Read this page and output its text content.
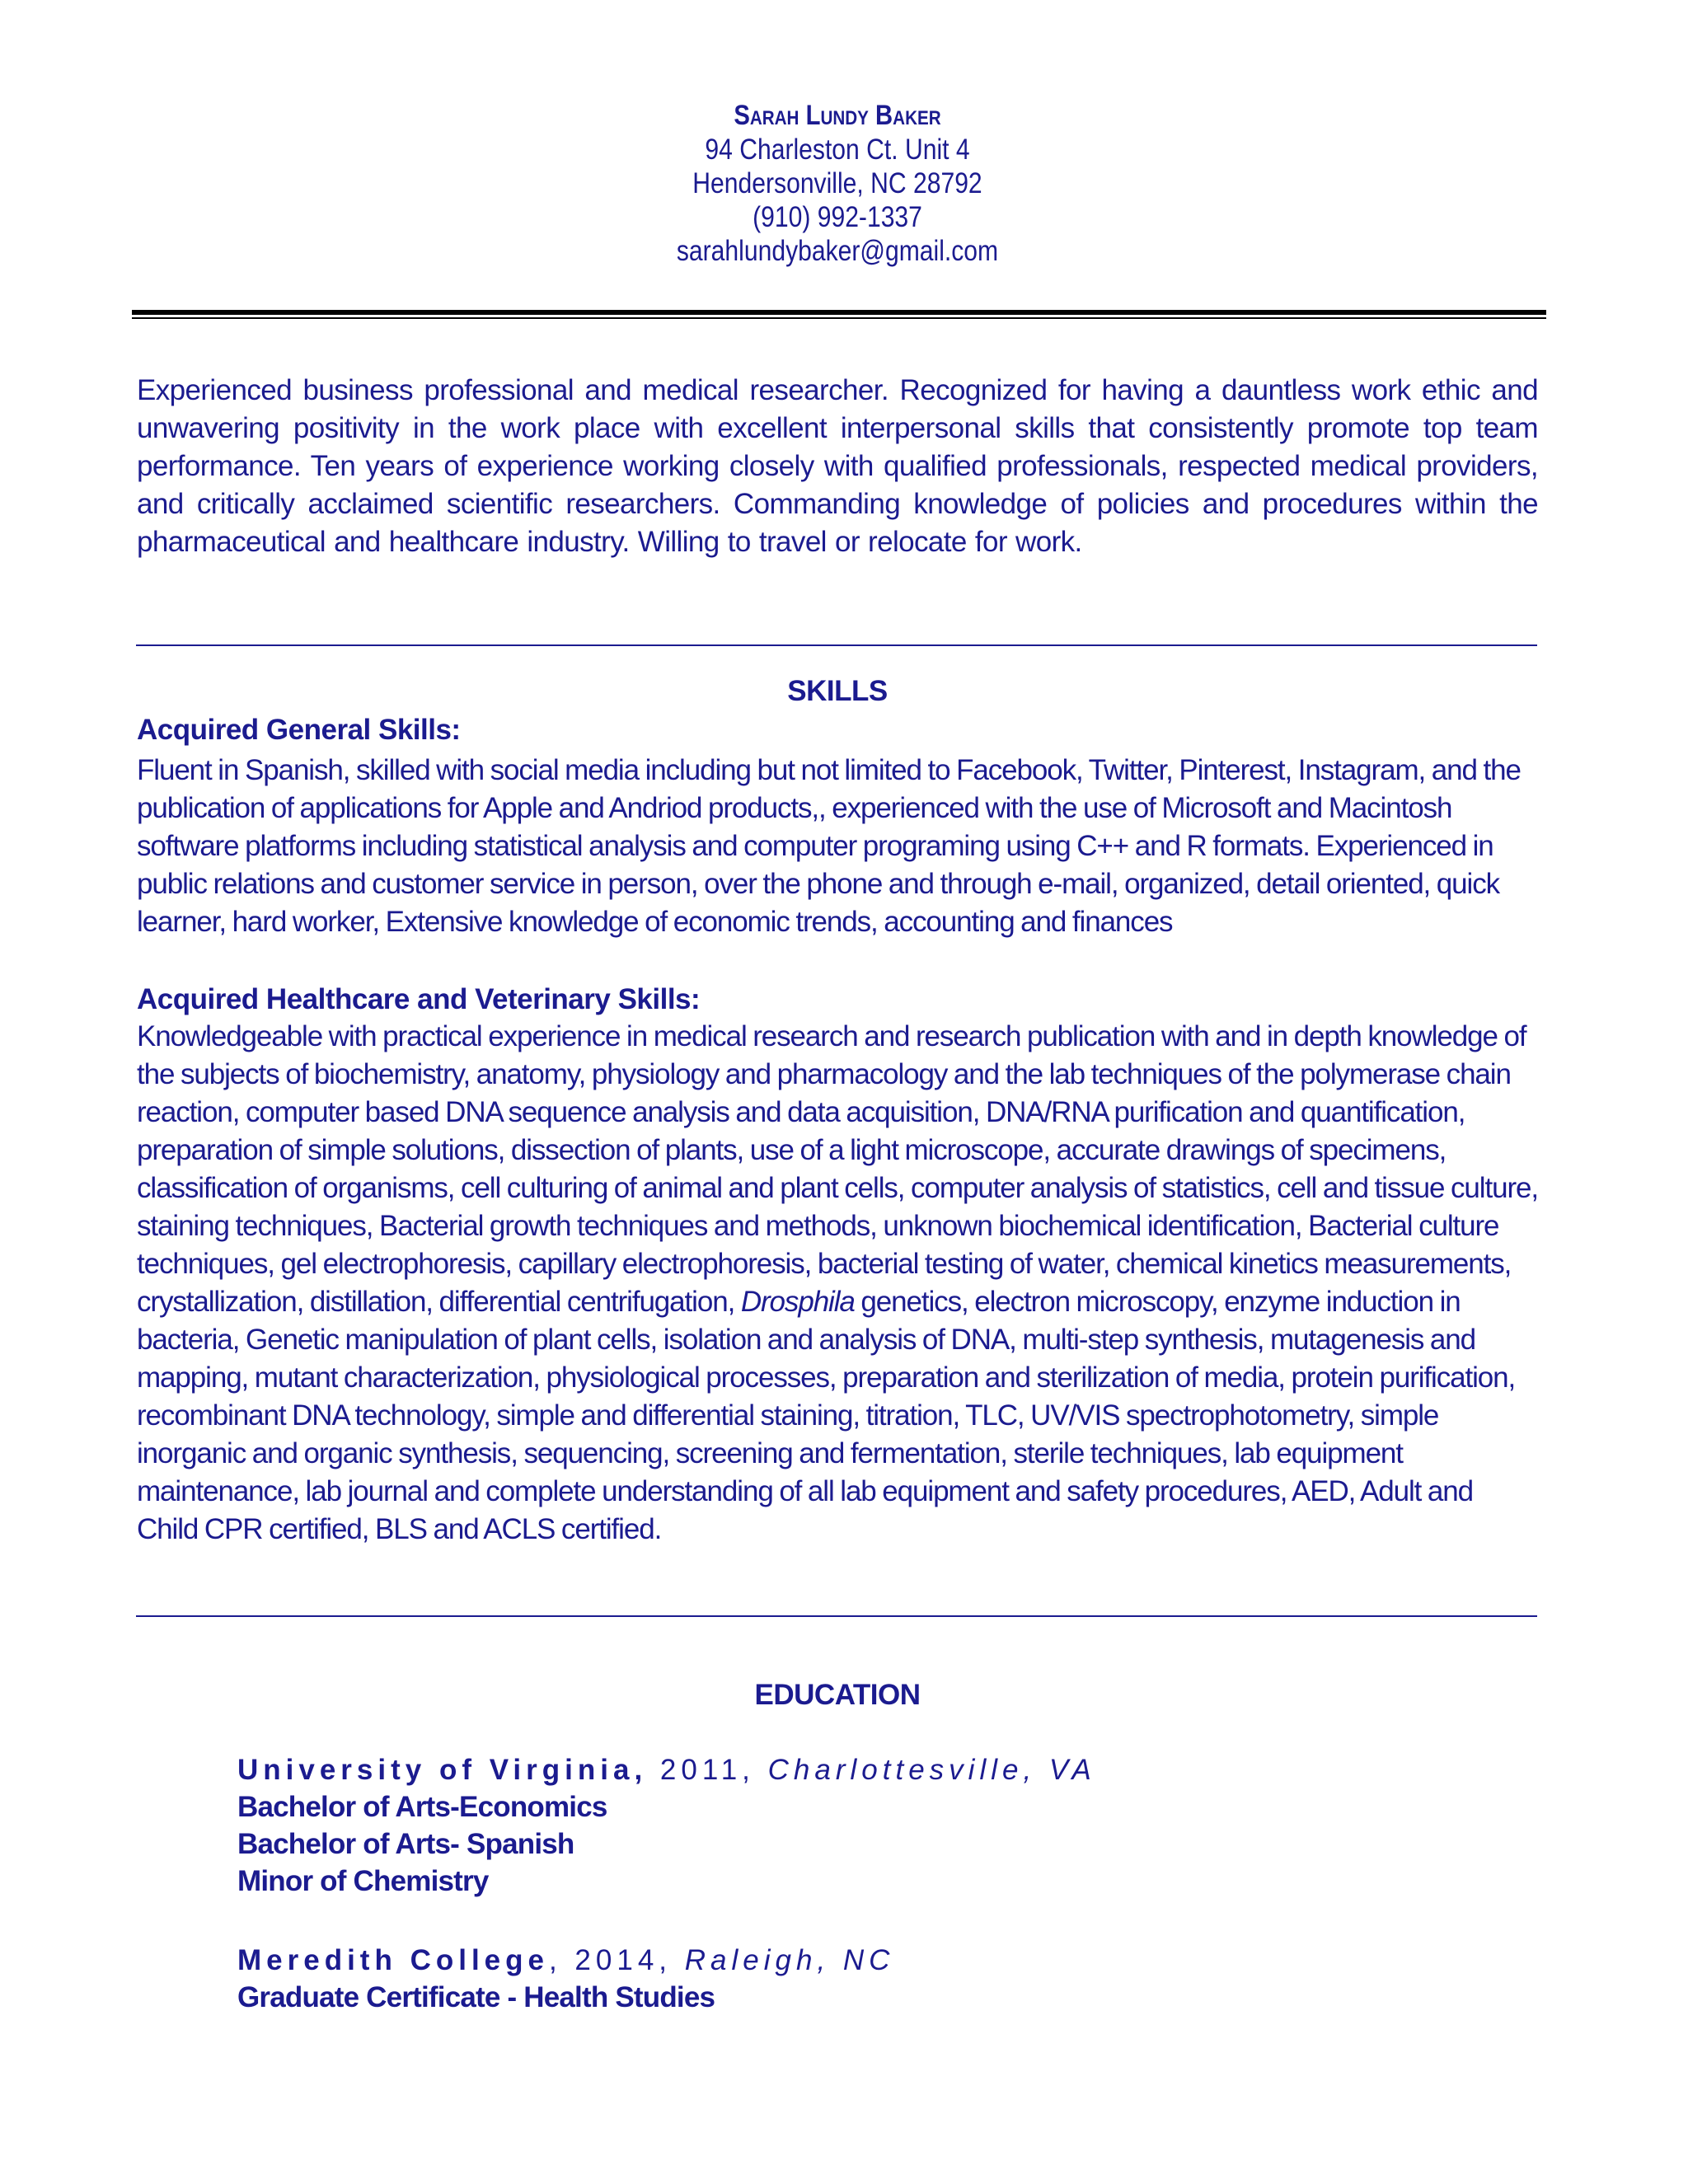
Sarah Lundy Baker
94 Charleston Ct. Unit 4
Hendersonville, NC 28792
(910) 992-1337
sarahlundybaker@gmail.com
Experienced business professional and medical researcher. Recognized for having a dauntless work ethic and unwavering positivity in the work place with excellent interpersonal skills that consistently promote top team performance. Ten years of experience working closely with qualified professionals, respected medical providers, and critically acclaimed scientific researchers. Commanding knowledge of policies and procedures within the pharmaceutical and healthcare industry. Willing to travel or relocate for work.
SKILLS
Acquired General Skills:
Fluent in Spanish, skilled with social media including but not limited to Facebook, Twitter, Pinterest, Instagram, and the publication of applications for Apple and Andriod products,, experienced with the use of Microsoft and Macintosh software platforms including statistical analysis and computer programing using C++ and R formats. Experienced in public relations and customer service in person, over the phone and through e-mail, organized, detail oriented, quick learner, hard worker, Extensive knowledge of economic trends, accounting and finances
Acquired Healthcare and Veterinary Skills:
Knowledgeable with practical experience in medical research and research publication with and in depth knowledge of the subjects of biochemistry, anatomy, physiology and pharmacology and the lab techniques of the polymerase chain reaction, computer based DNA sequence analysis and data acquisition, DNA/RNA purification and quantification, preparation of simple solutions, dissection of plants, use of a light microscope, accurate drawings of specimens, classification of organisms, cell culturing of animal and plant cells, computer analysis of statistics, cell and tissue culture, staining techniques, Bacterial growth techniques and methods, unknown biochemical identification, Bacterial culture techniques, gel electrophoresis, capillary electrophoresis, bacterial testing of water, chemical kinetics measurements, crystallization, distillation, differential centrifugation, Drosphila genetics, electron microscopy, enzyme induction in bacteria, Genetic manipulation of plant cells, isolation and analysis of DNA, multi-step synthesis, mutagenesis and mapping, mutant characterization, physiological processes, preparation and sterilization of media, protein purification, recombinant DNA technology, simple and differential staining, titration, TLC, UV/VIS spectrophotometry, simple inorganic and organic synthesis, sequencing, screening and fermentation, sterile techniques, lab equipment maintenance, lab journal and complete understanding of all lab equipment and safety procedures, AED, Adult and Child CPR certified, BLS and ACLS certified.
EDUCATION
University of Virginia, 2011, Charlottesville, VA
Bachelor of Arts-Economics
Bachelor of Arts- Spanish
Minor of Chemistry
Meredith College, 2014, Raleigh, NC
Graduate Certificate - Health Studies
